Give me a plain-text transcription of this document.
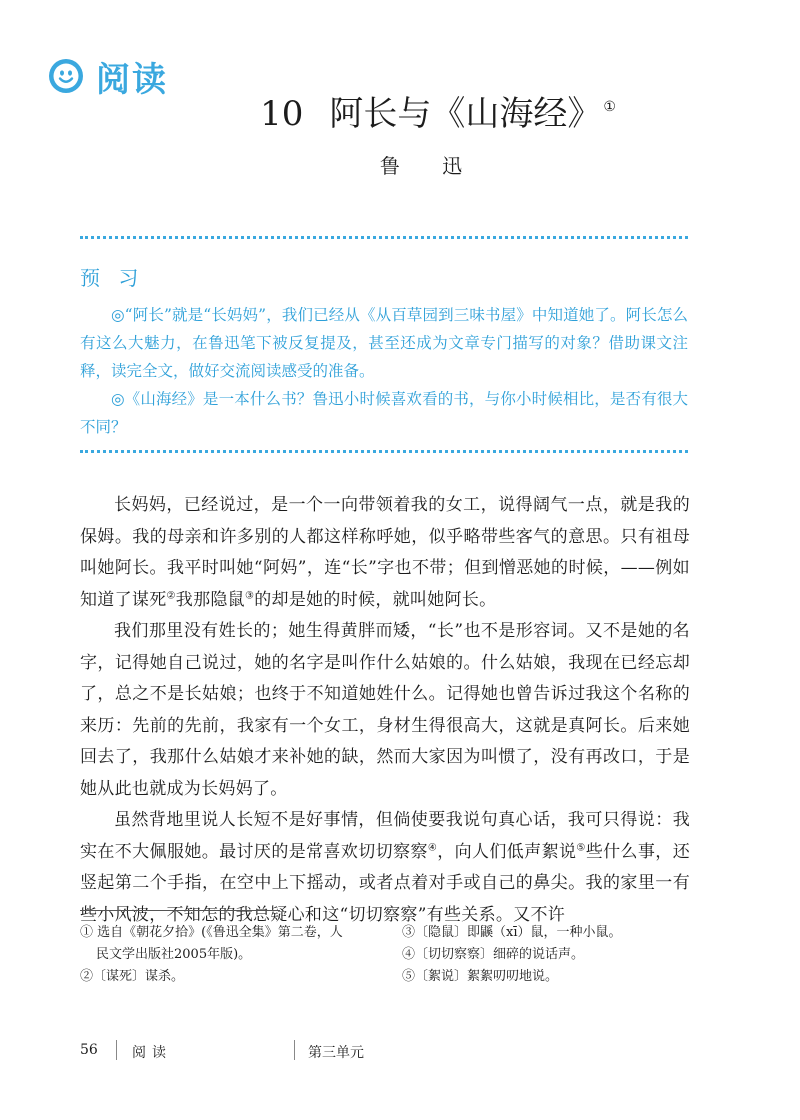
阅读
10 阿长与《山海经》 ①
鲁 迅
预 习

◎“阿长”就是“长妈妈”，我们已经从《从百草园到三味书屋》中知道她了。阿长怎么有这么大魅力，在鲁迅笔下被反复提及，甚至还成为文章专门描写的对象？借助课文注释，读完全文，做好交流阅读感受的准备。

◎《山海经》是一本什么书？鲁迅小时候喜欢看的书，与你小时候相比，是否有很大不同？

长妈妈，已经说过，是一个一向带领着我的女工，说得阔气一点，就是我的保姆。我的母亲和许多别的人都这样称呼她，似乎略带些客气的意思。只有祖母叫她阿长。我平时叫她“阿妈”，连“长”字也不带；但到憎恶她的时候，——例如知道了谋死②我那隐鼠③的却是她的时候，就叫她阿长。

我们那里没有姓长的；她生得黄胖而矮，“长”也不是形容词。又不是她的名字，记得她自己说过，她的名字是叫作什么姑娘的。什么姑娘，我现在已经忘却了，总之不是长姑娘；也终于不知道她姓什么。记得她也曾告诉过我这个名称的来历：先前的先前，我家有一个女工，身材生得很高大，这就是真阿长。后来她回去了，我那什么姑娘才来补她的缺，然而大家因为叫惯了，没有再改口，于是她从此也就成为长妈妈了。

虽然背地里说人长短不是好事情，但倘使要我说句真心话，我可只得说：我实在不大佩服她。最讨厌的是常喜欢切切察察④，向人们低声絮说⑤些什么事，还竖起第二个手指，在空中上下摇动，或者点着对手或自己的鼻尖。我的家里一有些小风波，不知怎的我总疑心和这“切切察察”有些关系。又不许

① 选自《朝花夕拾》(《鲁迅全集》第二卷，人
民文学出版社2005年版)。
②〔谋死〕谋杀。
③〔隐鼠〕即鼷（xī）鼠，一种小鼠。
④〔切切察察〕细碎的说话声。
⑤〔絮说〕絮絮叨叨地说。
56 阅读	第三单元
